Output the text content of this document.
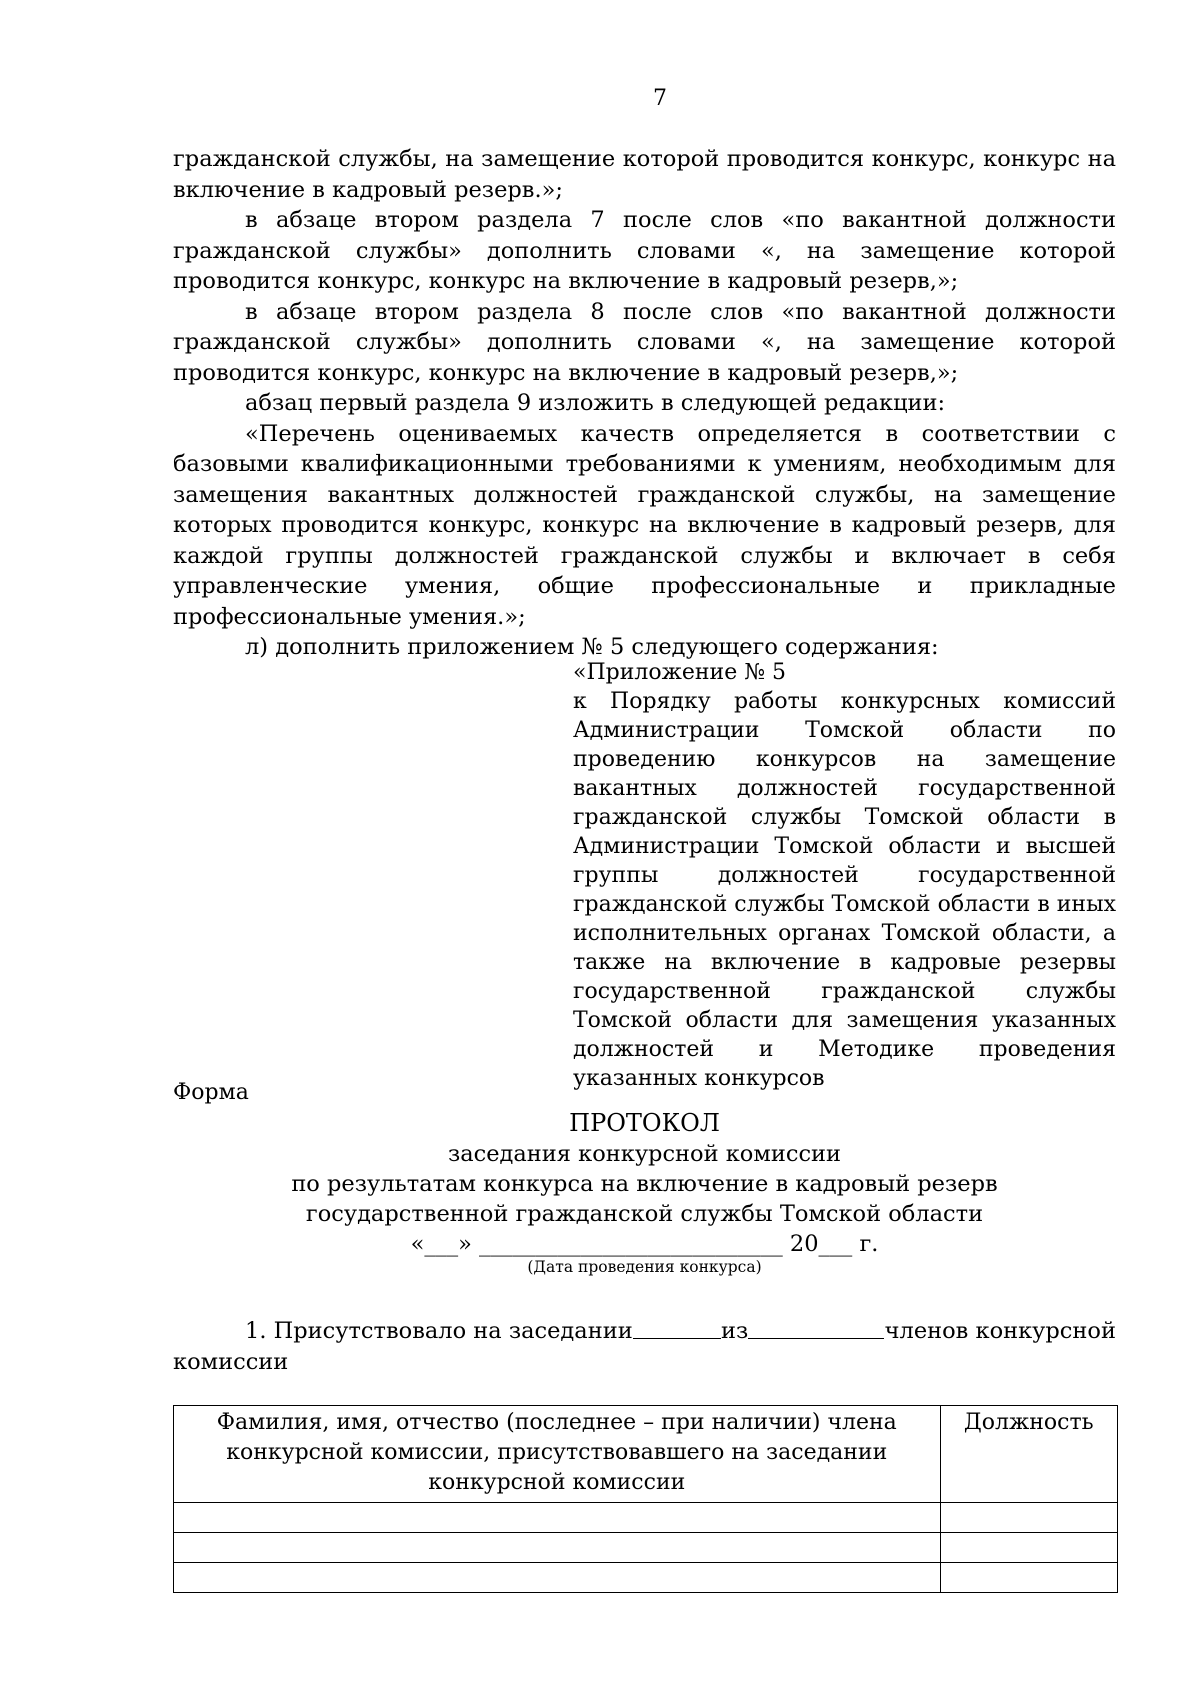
7

гражданской службы, на замещение которой проводится конкурс, конкурс на включение в кадровый резерв.»;

в абзаце втором раздела 7 после слов «по вакантной должности гражданской службы» дополнить словами «, на замещение которой проводится конкурс, конкурс на включение в кадровый резерв,»;

в абзаце втором раздела 8 после слов «по вакантной должности гражданской службы» дополнить словами «, на замещение которой проводится конкурс, конкурс на включение в кадровый резерв,»;

абзац первый раздела 9 изложить в следующей редакции:

«Перечень оцениваемых качеств определяется в соответствии с базовыми квалификационными требованиями к умениям, необходимым для замещения вакантных должностей гражданской службы, на замещение которых проводится конкурс, конкурс на включение в кадровый резерв, для каждой группы должностей гражданской службы и включает в себя управленческие умения, общие профессиональные и прикладные профессиональные умения.»;

л) дополнить приложением № 5 следующего содержания:

«Приложение № 5

к Порядку работы конкурсных комиссий Администрации Томской области по проведению конкурсов на замещение вакантных должностей государственной гражданской службы Томской области в Администрации Томской области и высшей группы должностей государственной гражданской службы Томской области в иных исполнительных органах Томской области, а также на включение в кадровые резервы государственной гражданской службы Томской области для замещения указанных должностей и Методике проведения указанных конкурсов

Форма
ПРОТОКОЛ
заседания конкурсной комиссии
по результатам конкурса на включение в кадровый резерв
государственной гражданской службы Томской области
«___» ___________________________ 20___ г.
(Дата проведения конкурса)
1. Присутствовало на заседании	из	членов конкурсной
комиссии
Фамилия, имя, отчество (последнее – при наличии) члена конкурсной комиссии, присутствовавшего на заседании конкурсной комиссии	Должность
